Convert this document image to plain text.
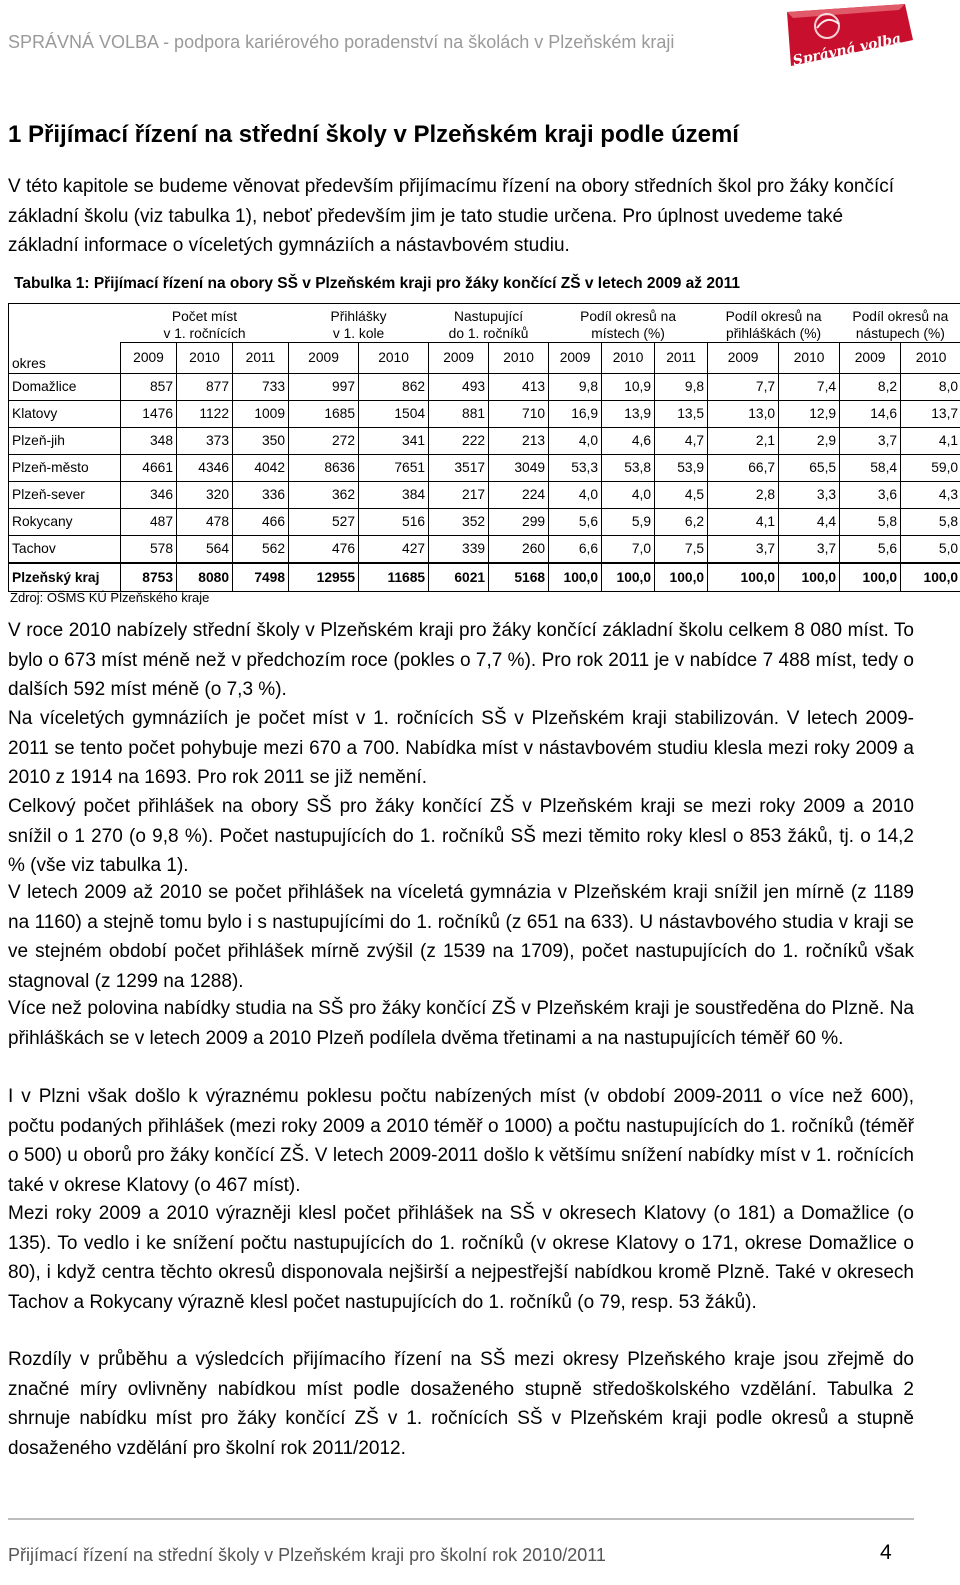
SPRÁVNÁ VOLBA - podpora kariérového poradenství na školách v Plzeňském kraji	Správná volba
1 Přijímací řízení na střední školy v Plzeňském kraji podle území

V této kapitole se budeme věnovat především přijímacímu řízení na obory středních škol pro žáky končící základní školu (viz tabulka 1), neboť především jim je tato studie určena. Pro úplnost uvedeme také základní informace o víceletých gymnáziích a nástavbovém studiu.

Tabulka 1: Přijímací řízení na obory SŠ v Plzeňském kraji pro žáky končící ZŠ v letech 2009 až 2011
	Počet míst
v 1. ročnících			Přihlášky
v 1. kole		Nastupující
do 1. ročníků		Podíl okresů na
místech (%)			Podíl okresů na
přihláškách (%)		Podíl okresů na
nástupech (%)	
okres	2009	2010	2011	2009	2010	2009	2010	2009	2010	2011	2009	2010	2009	2010
Domažlice	857	877	733	997	862	493	413	9,8	10,9	9,8	7,7	7,4	8,2	8,0
Klatovy	1476	1122	1009	1685	1504	881	710	16,9	13,9	13,5	13,0	12,9	14,6	13,7
Plzeň-jih	348	373	350	272	341	222	213	4,0	4,6	4,7	2,1	2,9	3,7	4,1
Plzeň-město	4661	4346	4042	8636	7651	3517	3049	53,3	53,8	53,9	66,7	65,5	58,4	59,0
Plzeň-sever	346	320	336	362	384	217	224	4,0	4,0	4,5	2,8	3,3	3,6	4,3
Rokycany	487	478	466	527	516	352	299	5,6	5,9	6,2	4,1	4,4	5,8	5,8
Tachov	578	564	562	476	427	339	260	6,6	7,0	7,5	3,7	3,7	5,6	5,0
Plzeňský kraj	8753	8080	7498	12955	11685	6021	5168	100,0	100,0	100,0	100,0	100,0	100,0	100,0
Zdroj: OŠMS KÚ Plzeňského kraje

V roce 2010 nabízely střední školy v Plzeňském kraji pro žáky končící základní školu celkem 8 080 míst. To bylo o 673 míst méně než v předchozím roce (pokles o 7,7 %). Pro rok 2011 je v nabídce 7 488 míst, tedy o dalších 592 míst méně (o 7,3 %).

Na víceletých gymnáziích je počet míst v 1. ročnících SŠ v Plzeňském kraji stabilizován. V letech 2009-2011 se tento počet pohybuje mezi 670 a 700. Nabídka míst v nástavbovém studiu klesla mezi roky 2009 a 2010 z 1914 na 1693. Pro rok 2011 se již nemění.

Celkový počet přihlášek na obory SŠ pro žáky končící ZŠ v Plzeňském kraji se mezi roky 2009 a 2010 snížil o 1 270 (o 9,8 %). Počet nastupujících do 1. ročníků SŠ mezi těmito roky klesl o 853 žáků, tj. o 14,2 % (vše viz tabulka 1).

V letech 2009 až 2010 se počet přihlášek na víceletá gymnázia v Plzeňském kraji snížil jen mírně (z 1189 na 1160) a stejně tomu bylo i s nastupujícími do 1. ročníků (z 651 na 633). U nástavbového studia v kraji se ve stejném období počet přihlášek mírně zvýšil (z 1539 na 1709), počet nastupujících do 1. ročníků však stagnoval (z 1299 na 1288).

Více než polovina nabídky studia na SŠ pro žáky končící ZŠ v Plzeňském kraji je soustředěna do Plzně. Na přihláškách se v letech 2009 a 2010 Plzeň podílela dvěma třetinami a na nastupujících téměř 60 %.

I v Plzni však došlo k výraznému poklesu počtu nabízených míst (v období 2009-2011 o více než 600), počtu podaných přihlášek (mezi roky 2009 a 2010 téměř o 1000) a počtu nastupujících do 1. ročníků (téměř o 500) u oborů pro žáky končící ZŠ. V letech 2009-2011 došlo k většímu snížení nabídky míst v 1. ročnících také v okrese Klatovy (o 467 míst).

Mezi roky 2009 a 2010 výrazněji klesl počet přihlášek na SŠ v okresech Klatovy (o 181) a Domažlice (o 135). To vedlo i ke snížení počtu nastupujících do 1. ročníků (v okrese Klatovy o 171, okrese Domažlice o 80), i když centra těchto okresů disponovala nejširší a nejpestřejší nabídkou kromě Plzně. Také v okresech Tachov a Rokycany výrazně klesl počet nastupujících do 1. ročníků (o 79, resp. 53 žáků).

Rozdíly v průběhu a výsledcích přijímacího řízení na SŠ mezi okresy Plzeňského kraje jsou zřejmě do značné míry ovlivněny nabídkou míst podle dosaženého stupně středoškolského vzdělání. Tabulka 2 shrnuje nabídku míst pro žáky končící ZŠ v 1. ročnících SŠ v Plzeňském kraji podle okresů a stupně dosaženého vzdělání pro školní rok 2011/2012.

Přijímací řízení na střední školy v Plzeňském kraji pro školní rok 2010/2011	4
